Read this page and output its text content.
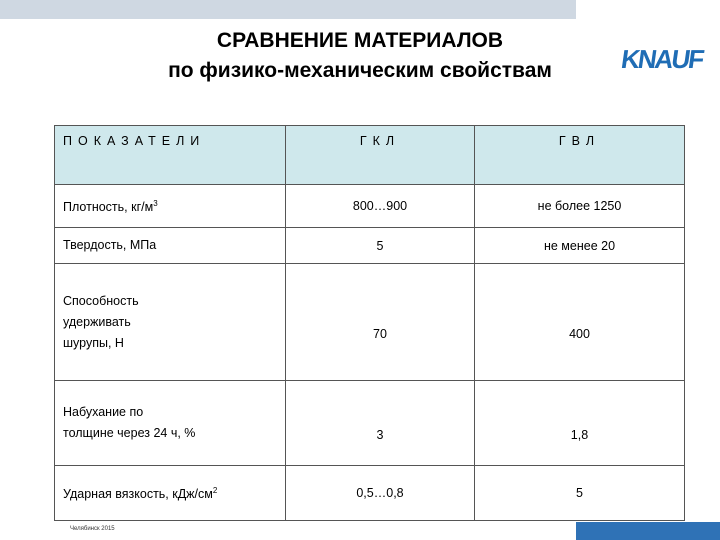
KNAUF
СРАВНЕНИЕ МАТЕРИАЛОВ
по физико-механическим свойствам
ПОКАЗАТЕЛИ	ГКЛ	ГВЛ
Плотность, $кг/м^3$	800…900	не более 1250
Твердость, МПа	5	не менее 20

Способность
удерживать
шурупы, Н	70	400

Набухание по
толщине через 24 ч, %	3	1,8
Ударная вязкость, кДж/$см^2$	0,5…0,8	5
Челябинск 2015
